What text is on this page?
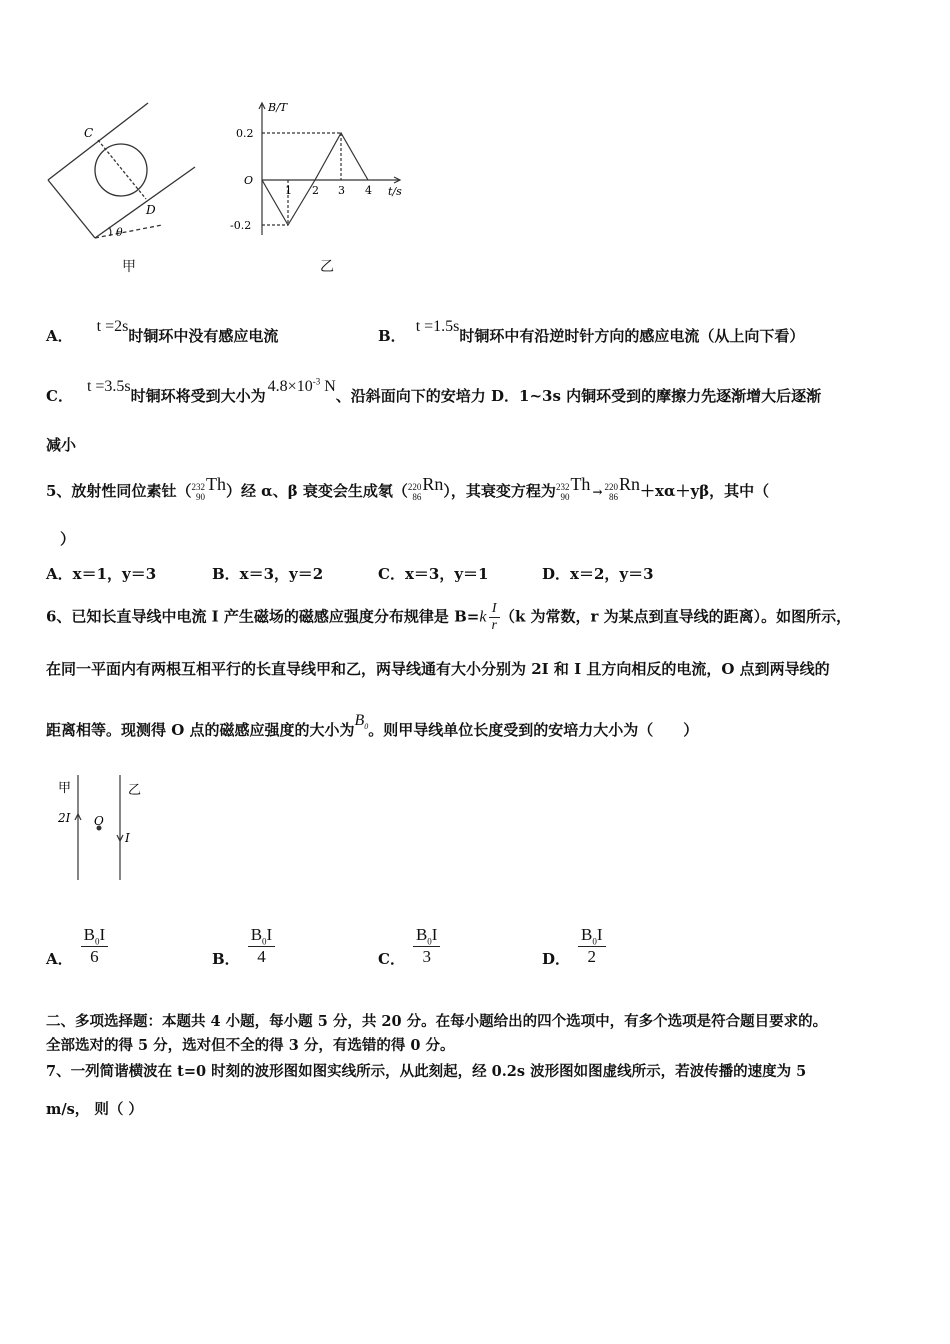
C
D
θ
甲
B/T
t/s
O
0.2
-0.2
1 2 3 4
乙
A．t =2s时铜环中没有感应电流	B．t =1.5s时铜环中有沿逆时针方向的感应电流（从上向下看）
C．t =3.5s时铜环将受到大小为$4.8\times 10^{-3}$ N、沿斜面向下的安培力 D．1~3s 内铜环受到的摩擦力先逐渐增大后逐渐
减小
5、放射性同位素钍（ 232
90
Th）经 α、β 衰变会生成氡（ 220
86
Rn），其衰变方程为 232
90
Th → 220
86
Rn＋xα＋yβ，其中（
）
A．x＝1，y＝3	B．x＝3，y＝2	C．x＝3，y＝1	D．x＝2，y＝3
6、已知长直导线中电流 I 产生磁场的磁感应强度分布规律是 $B=k \frac{I}{r} (k$ 为常数，r 为某点到直导线的距离）。如图所示，
在同一平面内有两根互相平行的长直导线甲和乙，两导线通有大小分别为 2I 和 I 且方向相反的电流，O 点到两导线的
距离相等。现测得 O 点的磁感应强度的大小为$B_0$。则甲导线单位长度受到的安培力大小为（　　）
甲	乙
2I O
I
A． $\frac{B_0I}{6}$	B． $\frac{B_0I}{4}$	C． $\frac{B_0I}{3}$	D． $\frac{B_0I}{2}$
二、多项选择题：本题共 4 小题，每小题 5 分，共 20 分。在每小题给出的四个选项中，有多个选项是符合题目要求的。
全部选对的得 5 分，选对但不全的得 3 分，有选错的得 0 分。
7、一列简谐横波在 t=0 时刻的波形图如图实线所示，从此刻起，经 0.2s 波形图如图虚线所示，若波传播的速度为 5
m/s， 则（ ）
